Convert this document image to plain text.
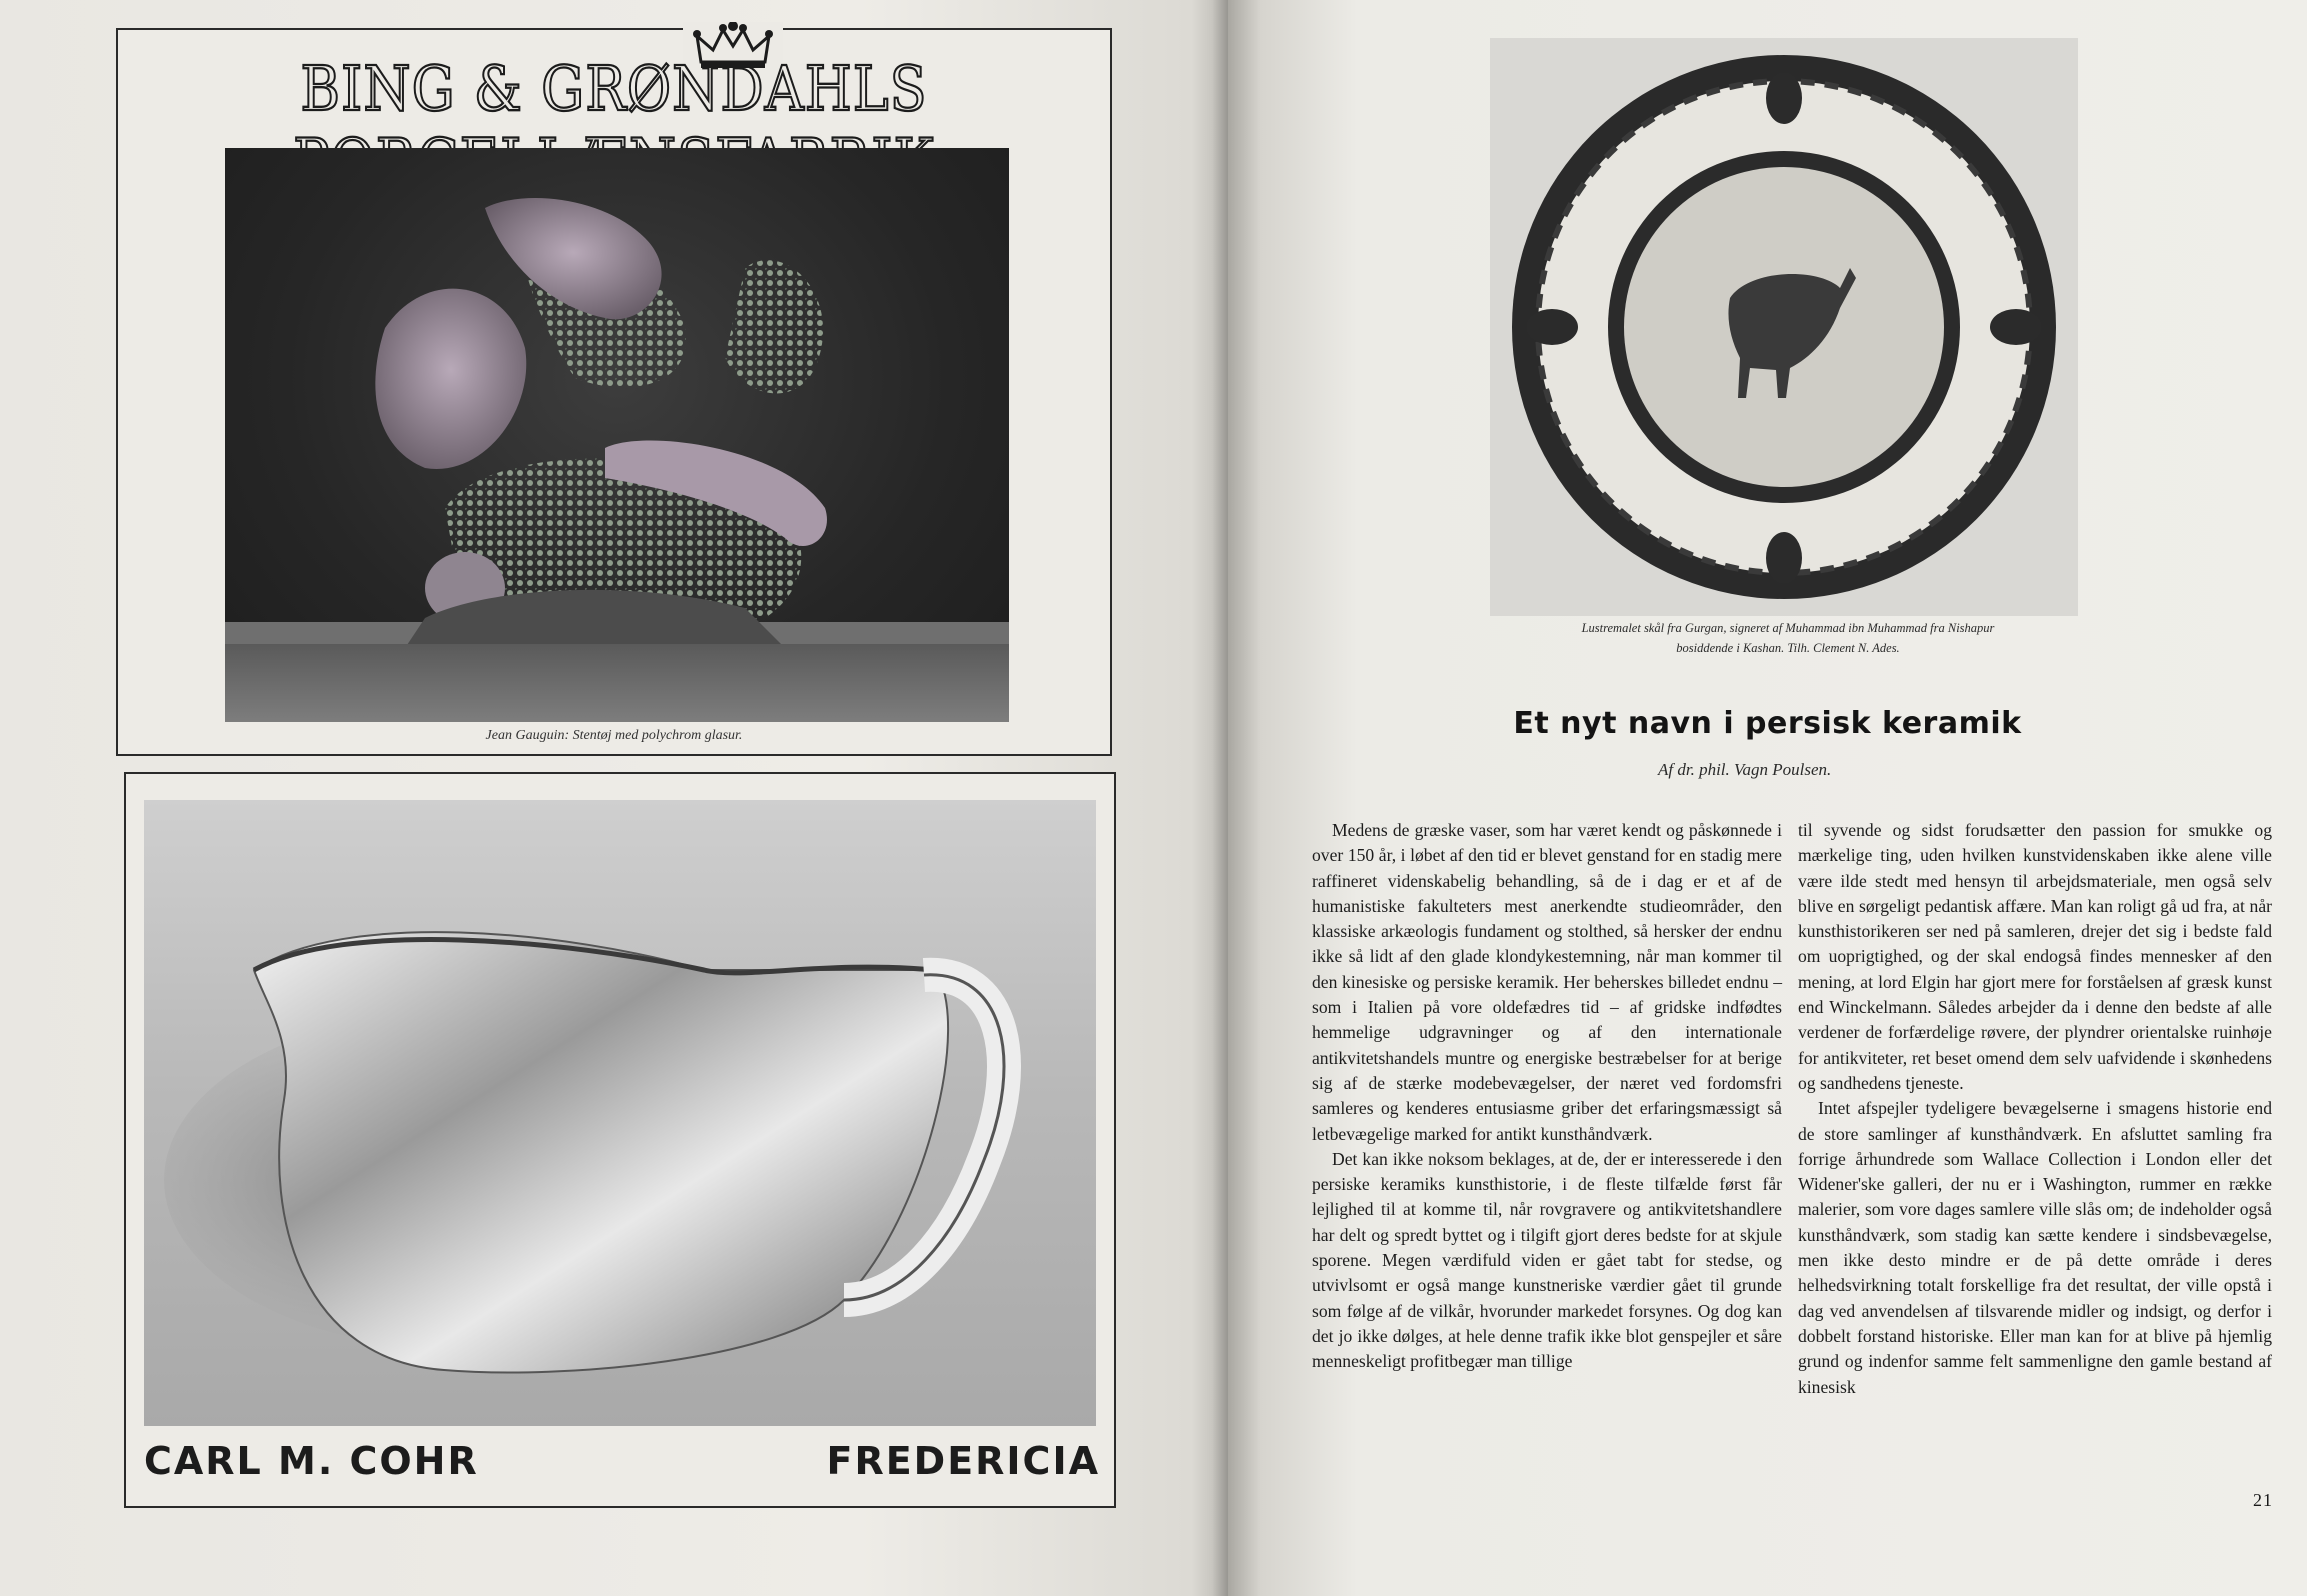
BING & GRØNDAHLS
Jean Gauguin: Stentøj med polychrom glasur.
CARL M. COHR	FREDERICIA
Lustremalet skål fra Gurgan, signeret af Muhammad ibn Muhammad fra Nishapur
bosiddende i Kashan. Tilh. Clement N. Ades.
Et nyt navn i persisk keramik
Af dr. phil. Vagn Poulsen.

Medens de græske vaser, som har været kendt og påskønnede i over 150 år, i løbet af den tid er blevet genstand for en stadig mere raffineret videnskabelig behandling, så de i dag er et af de humanistiske fakulteters mest anerkendte studieområder, den klassiske arkæologis fundament og stolthed, så hersker der endnu ikke så lidt af den glade klondykestemning, når man kommer til den kinesiske og persiske keramik. Her beherskes billedet endnu – som i Italien på vore oldefædres tid – af gridske indfødtes hemmelige udgravninger og af den internationale antikvitetshandels muntre og energiske bestræbelser for at berige sig af de stærke modebevægelser, der næret ved fordomsfri samleres og kenderes entusiasme griber det erfaringsmæssigt så letbevægelige marked for antikt kunsthåndværk.

Det kan ikke noksom beklages, at de, der er interesserede i den persiske keramiks kunsthistorie, i de fleste tilfælde først får lejlighed til at komme til, når rovgravere og antikvitetshandlere har delt og spredt byttet og i tilgift gjort deres bedste for at skjule sporene. Megen værdifuld viden er gået tabt for stedse, og utvivlsomt er også mange kunstneriske værdier gået til grunde som følge af de vilkår, hvorunder markedet forsynes. Og dog kan det jo ikke dølges, at hele denne trafik ikke blot genspejler et såre menneskeligt profitbegær man tillige

til syvende og sidst forudsætter den passion for smukke og mærkelige ting, uden hvilken kunstvidenskaben ikke alene ville være ilde stedt med hensyn til arbejdsmateriale, men også selv blive en sørgeligt pedantisk affære. Man kan roligt gå ud fra, at når kunsthistorikeren ser ned på samleren, drejer det sig i bedste fald om uoprigtighed, og der skal endogså findes mennesker af den mening, at lord Elgin har gjort mere for forståelsen af græsk kunst end Winckelmann. Således arbejder da i denne den bedste af alle verdener de forfærdelige røvere, der plyndrer orientalske ruinhøje for antikviteter, ret beset omend dem selv uafvidende i skønhedens og sandhedens tjeneste.

Intet afspejler tydeligere bevægelserne i smagens historie end de store samlinger af kunsthåndværk. En afsluttet samling fra forrige århundrede som Wallace Collection i London eller det Widener'ske galleri, der nu er i Washington, rummer en række malerier, som vore dages samlere ville slås om; de indeholder også kunsthåndværk, som stadig kan sætte kendere i sindsbevægelse, men ikke desto mindre er de på dette område i deres helhedsvirkning totalt forskellige fra det resultat, der ville opstå i dag ved anvendelsen af tilsvarende midler og indsigt, og derfor i dobbelt forstand historiske. Eller man kan for at blive på hjemlig grund og indenfor samme felt sammenligne den gamle bestand af kinesisk

21
